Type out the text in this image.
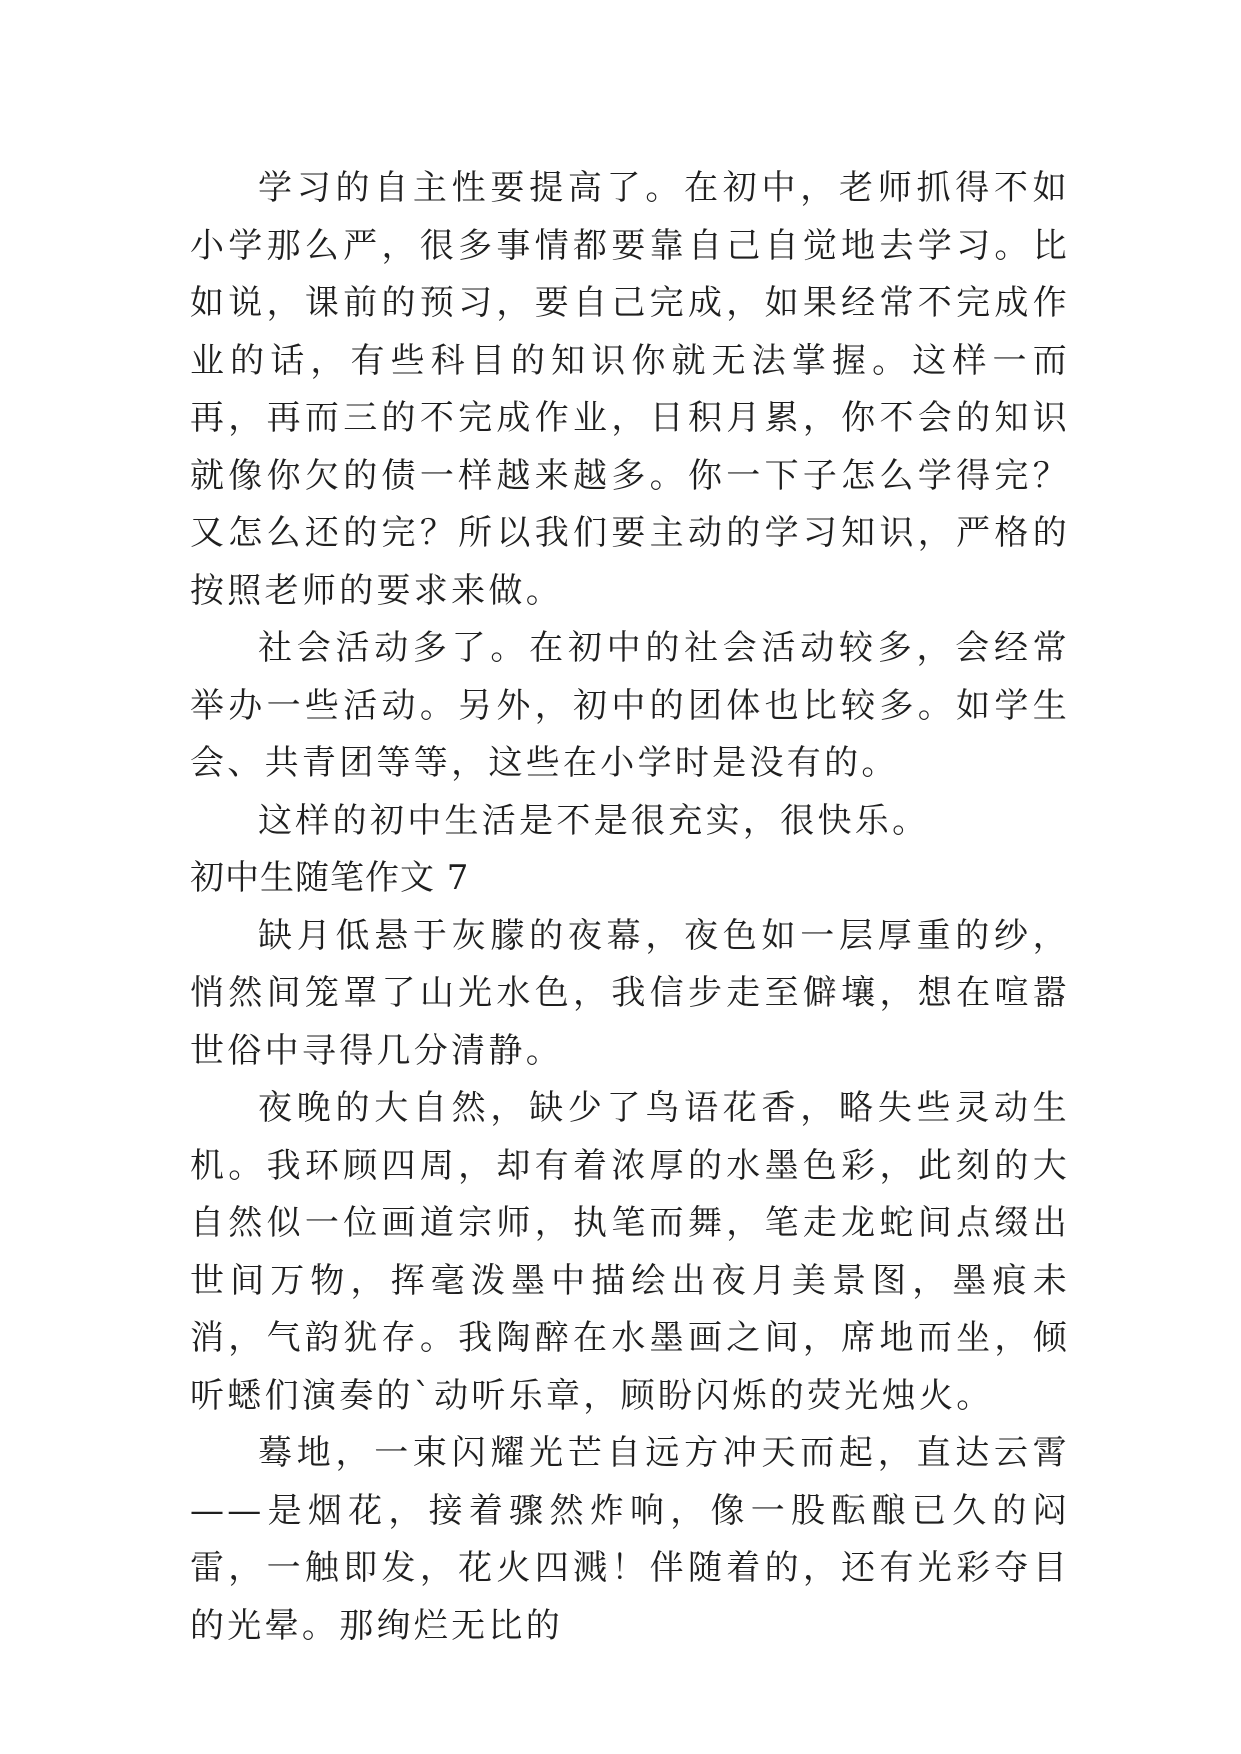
学习的自主性要提高了。在初中，老师抓得不如小学那么严，很多事情都要靠自己自觉地去学习。比如说，课前的预习，要自己完成，如果经常不完成作业的话，有些科目的知识你就无法掌握。这样一而再，再而三的不完成作业，日积月累，你不会的知识就像你欠的债一样越来越多。你一下子怎么学得完？又怎么还的完？所以我们要主动的学习知识，严格的按照老师的要求来做。

社会活动多了。在初中的社会活动较多，会经常举办一些活动。另外，初中的团体也比较多。如学生会、共青团等等，这些在小学时是没有的。

这样的初中生活是不是很充实，很快乐。

初中生随笔作文 7

缺月低悬于灰朦的夜幕，夜色如一层厚重的纱，悄然间笼罩了山光水色，我信步走至僻壤，想在喧嚣世俗中寻得几分清静。

夜晚的大自然，缺少了鸟语花香，略失些灵动生机。我环顾四周，却有着浓厚的水墨色彩，此刻的大自然似一位画道宗师，执笔而舞，笔走龙蛇间点缀出世间万物，挥毫泼墨中描绘出夜月美景图，墨痕未消，气韵犹存。我陶醉在水墨画之间，席地而坐，倾听蟋们演奏的`动听乐章，顾盼闪烁的荧光烛火。

蓦地，一束闪耀光芒自远方冲天而起，直达云霄——是烟花，接着骤然炸响，像一股酝酿已久的闷雷，一触即发，花火四溅！伴随着的，还有光彩夺目的光晕。那绚烂无比的
